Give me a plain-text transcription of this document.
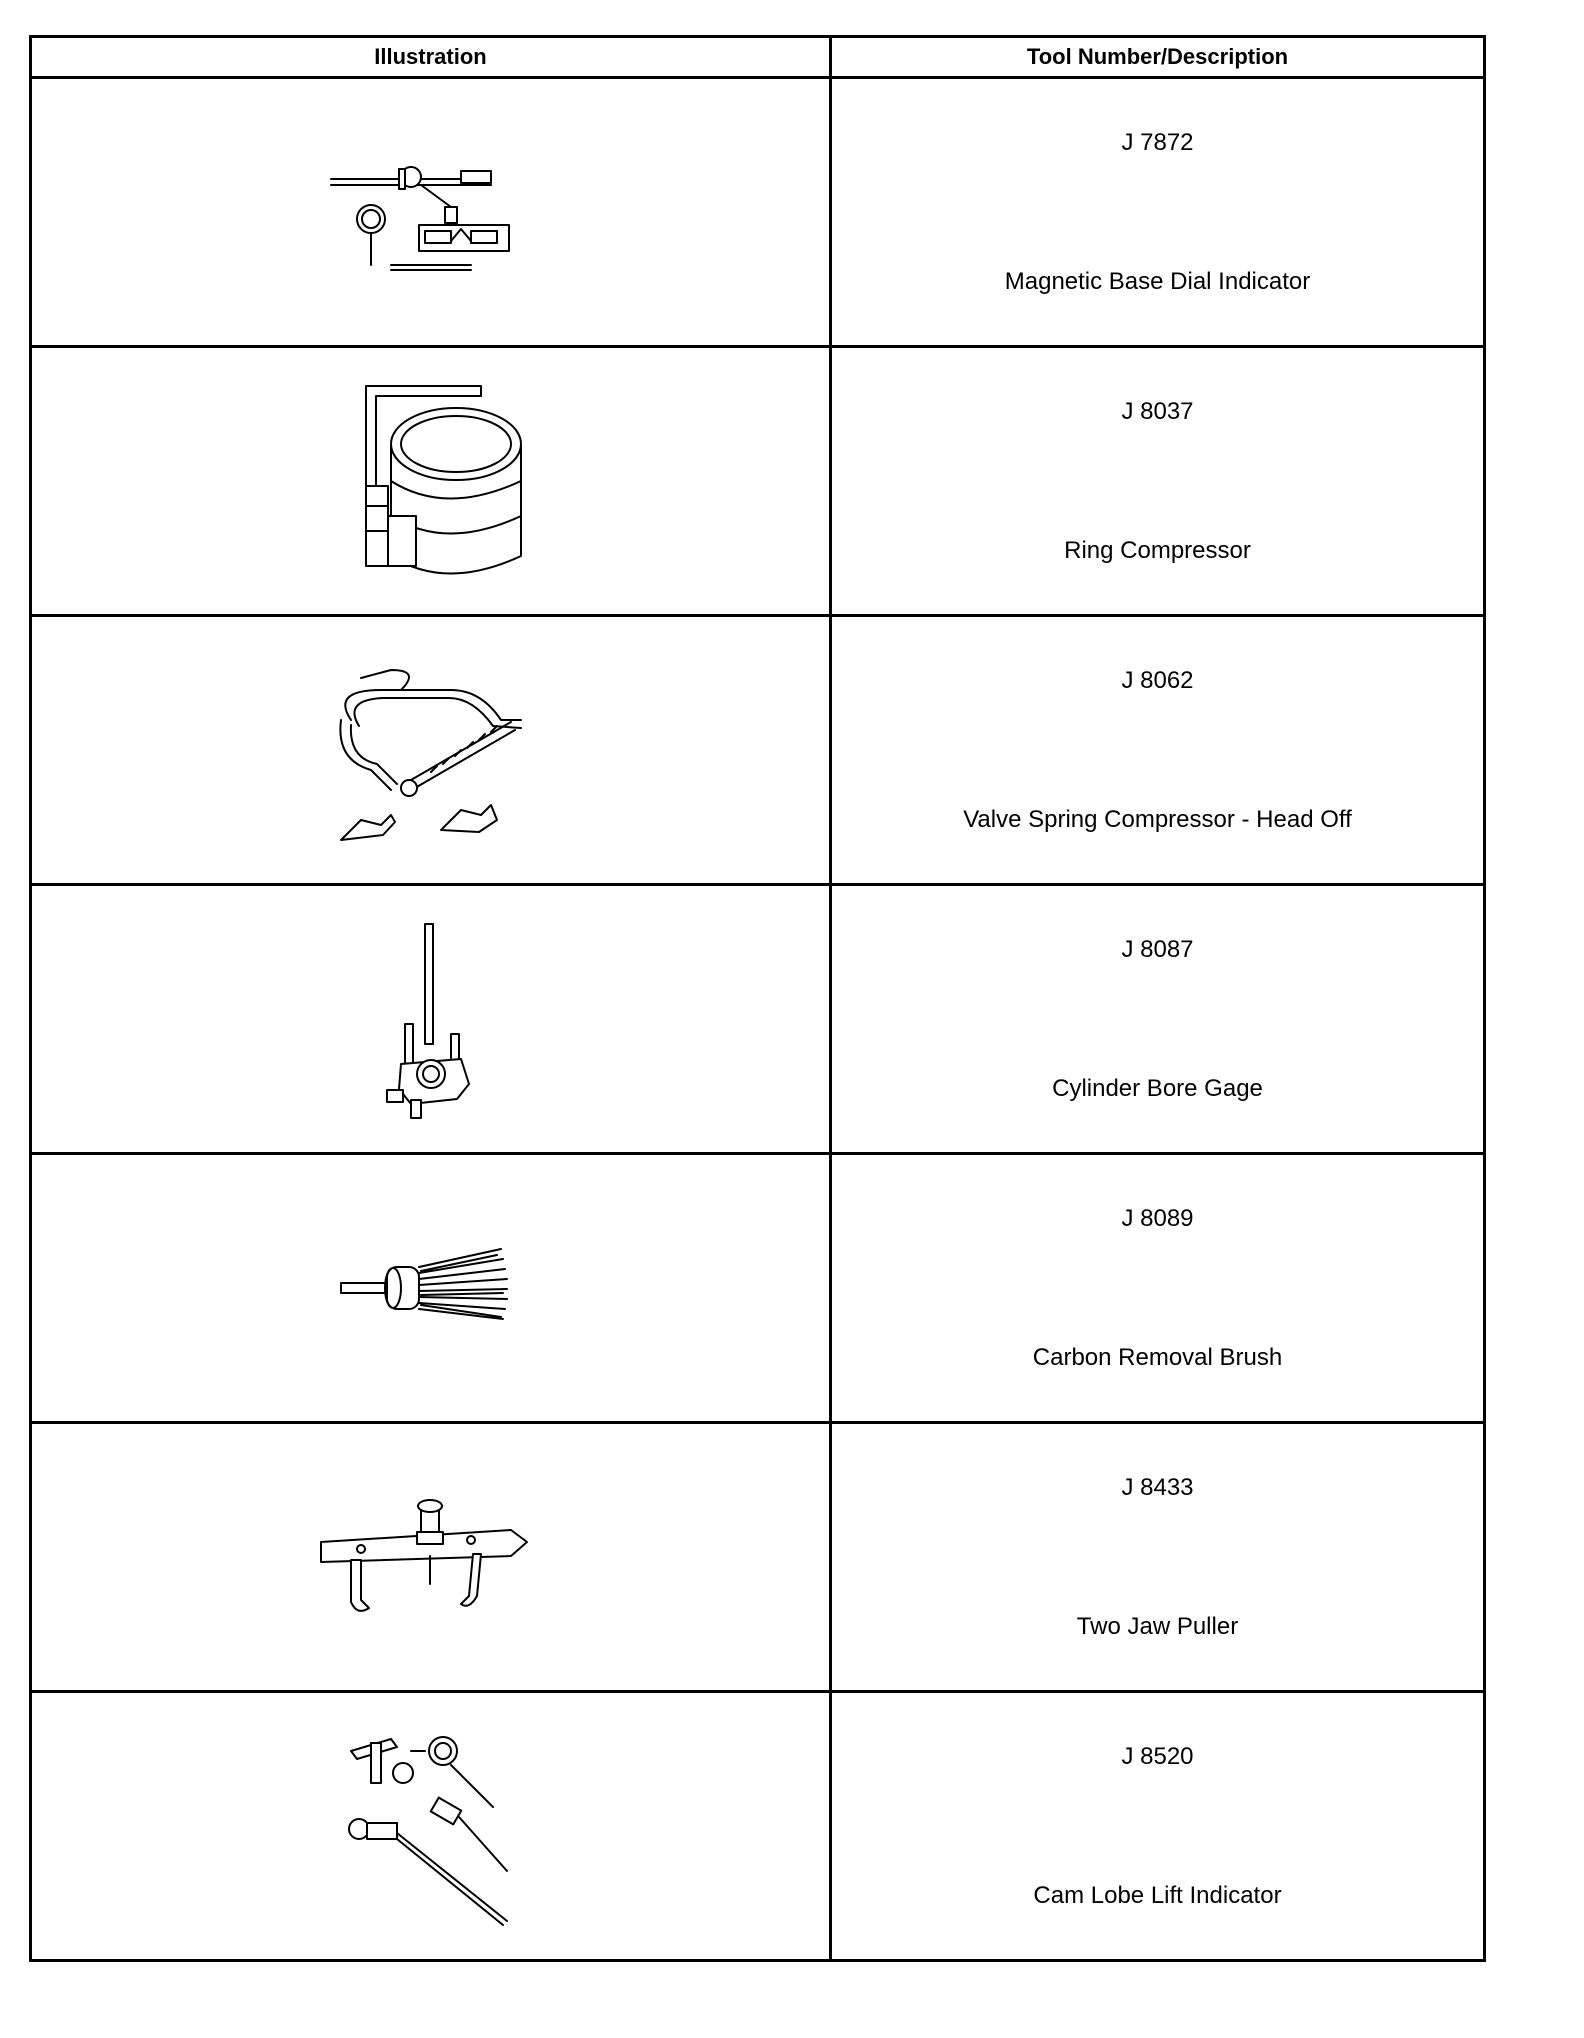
Illustration	Tool Number/Description

J 7872
Magnetic Base Dial Indicator

J 8037
Ring Compressor

J 8062
Valve Spring Compressor - Head Off

J 8087
Cylinder Bore Gage

J 8089
Carbon Removal Brush

J 8433
Two Jaw Puller

J 8520
Cam Lobe Lift Indicator
